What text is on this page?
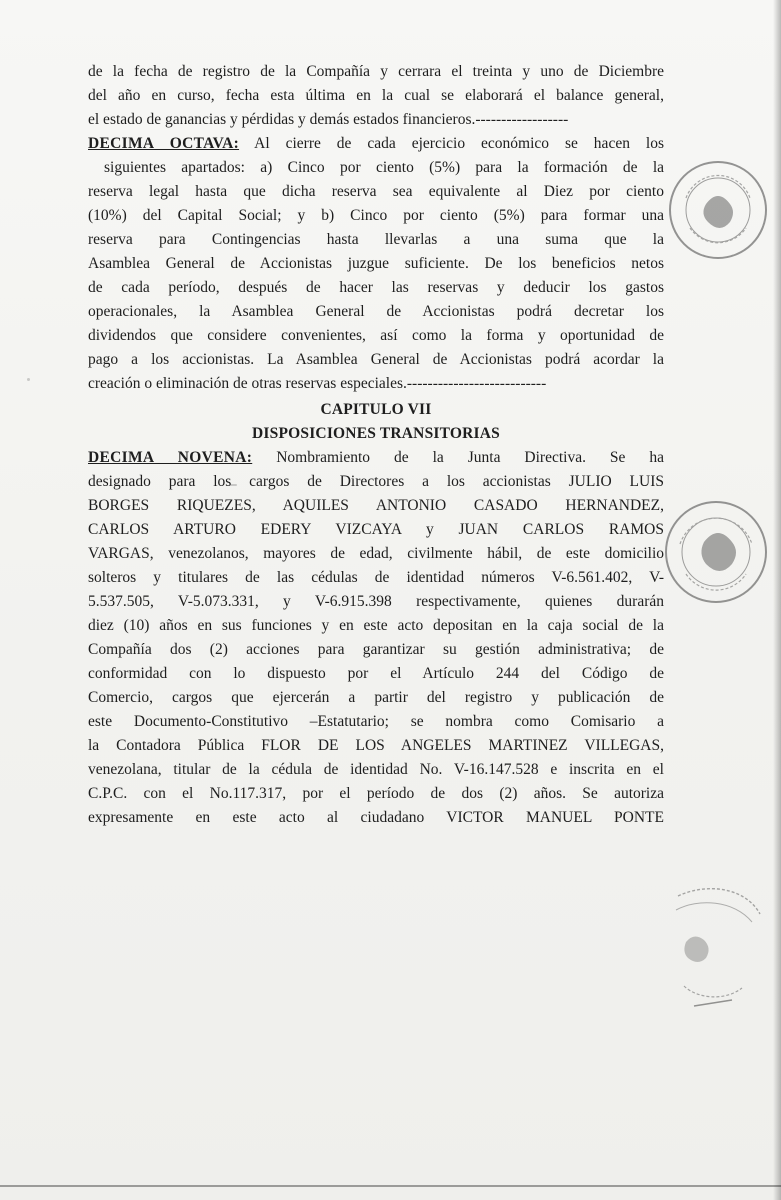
de la fecha de registro de la Compañía y cerrara el treinta y uno de Diciembre
del año en curso, fecha esta última en la cual se elaborará el balance general,
el estado de ganancias y pérdidas y demás estados financieros.------------------
DECIMA OCTAVA: Al cierre de cada ejercicio económico se hacen los
siguientes apartados: a) Cinco por ciento (5%) para la formación de la
reserva legal hasta que dicha reserva sea equivalente al Diez por ciento
(10%) del Capital Social; y b) Cinco por ciento (5%) para formar una
reserva para Contingencias hasta llevarlas a una suma que la
Asamblea General de Accionistas juzgue suficiente. De los beneficios netos
de cada período, después de hacer las reservas y deducir los gastos
operacionales, la Asamblea General de Accionistas podrá decretar los
dividendos que considere convenientes, así como la forma y oportunidad de
pago a los accionistas. La Asamblea General de Accionistas podrá acordar la
creación o eliminación de otras reservas especiales.---------------------------
CAPITULO VII
DISPOSICIONES TRANSITORIAS
DECIMA NOVENA: Nombramiento de la Junta Directiva. Se ha
designado para los cargos de Directores a los accionistas JULIO LUIS
BORGES RIQUEZES, AQUILES ANTONIO CASADO HERNANDEZ,
CARLOS ARTURO EDERY VIZCAYA y JUAN CARLOS RAMOS
VARGAS, venezolanos, mayores de edad, civilmente hábil, de este domicilio
solteros y titulares de las cédulas de identidad números V-6.561.402, V-
5.537.505, V-5.073.331, y V-6.915.398 respectivamente, quienes durarán
diez (10) años en sus funciones y en este acto depositan en la caja social de la
Compañía dos (2) acciones para garantizar su gestión administrativa; de
conformidad con lo dispuesto por el Artículo 244 del Código de
Comercio, cargos que ejercerán a partir del registro y publicación de
este Documento-Constitutivo –Estatutario; se nombra como Comisario a
la Contadora Pública FLOR DE LOS ANGELES MARTINEZ VILLEGAS,
venezolana, titular de la cédula de identidad No. V-16.147.528 e inscrita en el
C.P.C. con el No.117.317, por el período de dos (2) años. Se autoriza
expresamente en este acto al ciudadano VICTOR MANUEL PONTE
